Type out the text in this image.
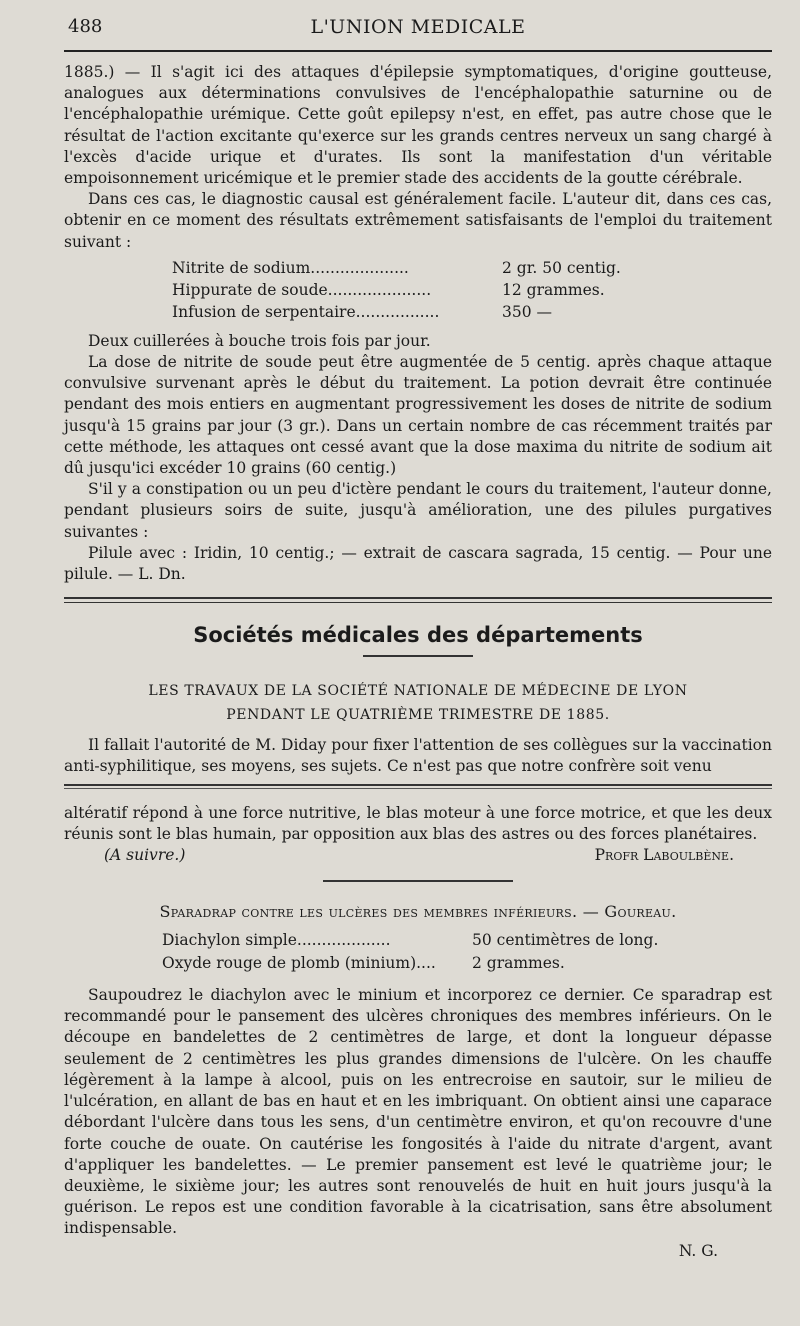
488	L'UNION MEDICALE

1885.) — Il s'agit ici des attaques d'épilepsie symptomatiques, d'origine goutteuse, analogues aux déterminations convulsives de l'encéphalopathie saturnine ou de l'encéphalopathie urémique. Cette goût epilepsy n'est, en effet, pas autre chose que le résultat de l'action excitante qu'exerce sur les grands centres nerveux un sang chargé à l'excès d'acide urique et d'urates. Ils sont la manifestation d'un véritable empoisonnement uricémique et le premier stade des accidents de la goutte cérébrale.

Dans ces cas, le diagnostic causal est généralement facile. L'auteur dit, dans ces cas, obtenir en ce moment des résultats extrêmement satisfaisants de l'emploi du traitement suivant :

Nitrite de sodium....................	2 gr. 50 centig.
Hippurate de soude.....................	12 grammes.
Infusion de serpentaire.................	350 —

Deux cuillerées à bouche trois fois par jour.

La dose de nitrite de soude peut être augmentée de 5 centig. après chaque attaque convulsive survenant après le début du traitement. La potion devrait être continuée pendant des mois entiers en augmentant progressivement les doses de nitrite de sodium jusqu'à 15 grains par jour (3 gr.). Dans un certain nombre de cas récemment traités par cette méthode, les attaques ont cessé avant que la dose maxima du nitrite de sodium ait dû jusqu'ici excéder 10 grains (60 centig.)

S'il y a constipation ou un peu d'ictère pendant le cours du traitement, l'auteur donne, pendant plusieurs soirs de suite, jusqu'à amélioration, une des pilules purgatives suivantes :

Pilule avec : Iridin, 10 centig.; — extrait de cascara sagrada, 15 centig. — Pour une pilule. — L. Dn.

Sociétés médicales des départements
LES TRAVAUX DE LA SOCIÉTÉ NATIONALE DE MÉDECINE DE LYON
PENDANT LE QUATRIÈME TRIMESTRE DE 1885.

Il fallait l'autorité de M. Diday pour fixer l'attention de ses collègues sur la vaccination anti-syphilitique, ses moyens, ses sujets. Ce n'est pas que notre confrère soit venu

altératif répond à une force nutritive, le blas moteur à une force motrice, et que les deux réunis sont le blas humain, par opposition aux blas des astres ou des forces planétaires.

(A suivre.)	Profr Laboulbène.
Sparadrap contre les ulcères des membres inférieurs. — Goureau.
Diachylon simple...................	50 centimètres de long.
Oxyde rouge de plomb (minium)....	2 grammes.

Saupoudrez le diachylon avec le minium et incorporez ce dernier. Ce sparadrap est recommandé pour le pansement des ulcères chroniques des membres inférieurs. On le découpe en bandelettes de 2 centimètres de large, et dont la longueur dépasse seulement de 2 centimètres les plus grandes dimensions de l'ulcère. On les chauffe légèrement à la lampe à alcool, puis on les entrecroise en sautoir, sur le milieu de l'ulcération, en allant de bas en haut et en les imbriquant. On obtient ainsi une caparace débordant l'ulcère dans tous les sens, d'un centimètre environ, et qu'on recouvre d'une forte couche de ouate. On cautérise les fongosités à l'aide du nitrate d'argent, avant d'appliquer les bandelettes. — Le premier pansement est levé le quatrième jour; le deuxième, le sixième jour; les autres sont renouvelés de huit en huit jours jusqu'à la guérison. Le repos est une condition favorable à la cicatrisation, sans être absolument indispensable.

N. G.
